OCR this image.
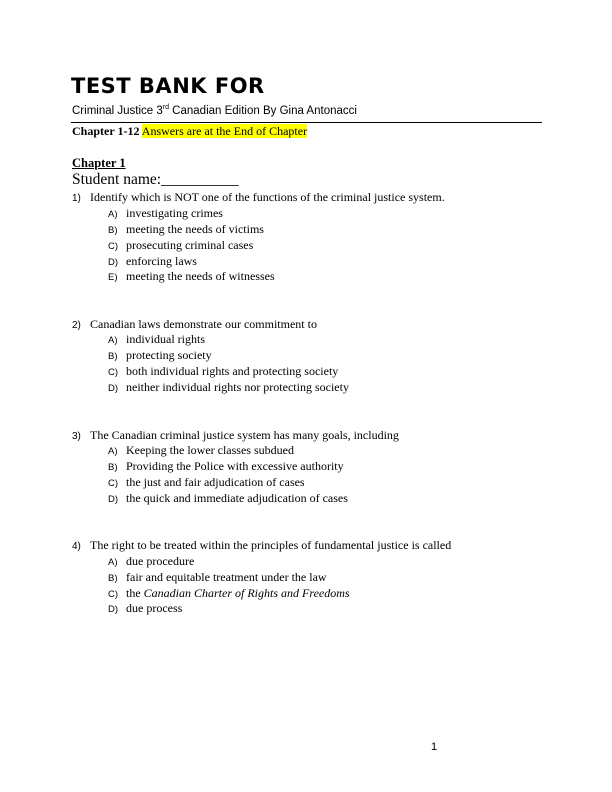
TEST BANK FOR
Criminal Justice 3rd Canadian Edition By Gina Antonacci
Chapter 1-12 Answers are at the End of Chapter
Chapter 1
Student name:__________
1) Identify which is NOT one of the functions of the criminal justice system.
A) investigating crimes
B) meeting the needs of victims
C) prosecuting criminal cases
D) enforcing laws
E) meeting the needs of witnesses
2) Canadian laws demonstrate our commitment to
A) individual rights
B) protecting society
C) both individual rights and protecting society
D) neither individual rights nor protecting society
3) The Canadian criminal justice system has many goals, including
A) Keeping the lower classes subdued
B) Providing the Police with excessive authority
C) the just and fair adjudication of cases
D) the quick and immediate adjudication of cases
4) The right to be treated within the principles of fundamental justice is called
A) due procedure
B) fair and equitable treatment under the law
C) the Canadian Charter of Rights and Freedoms
D) due process
1
